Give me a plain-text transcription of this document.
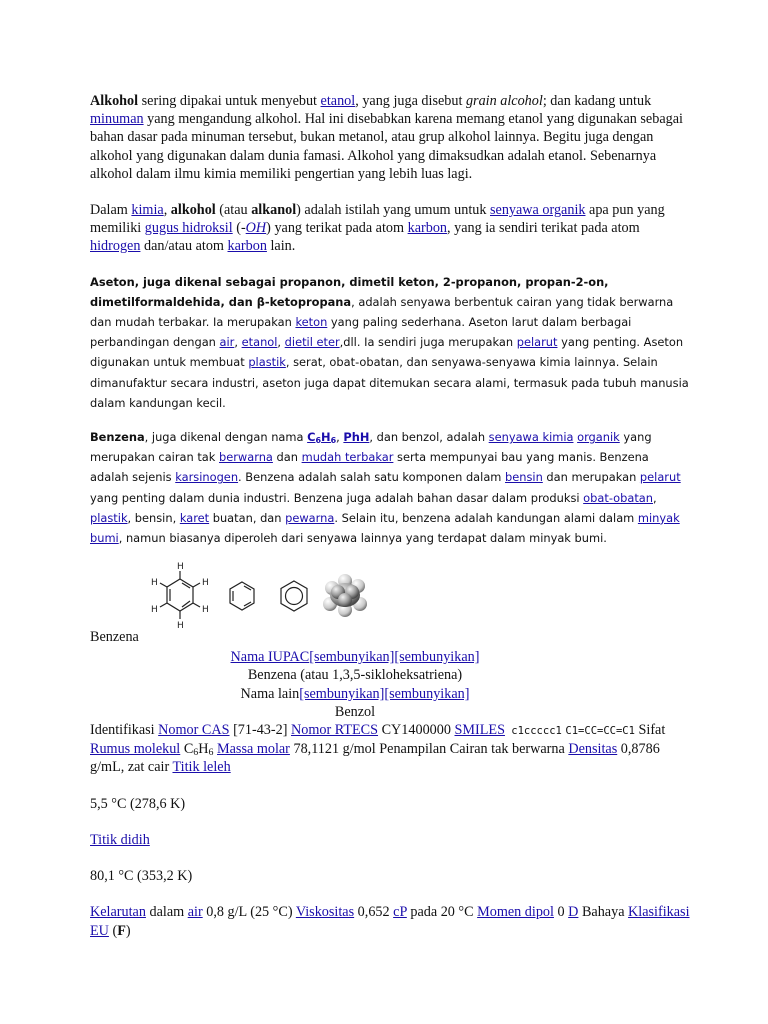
Alkohol sering dipakai untuk menyebut etanol, yang juga disebut grain alcohol; dan kadang untuk minuman yang mengandung alkohol. Hal ini disebabkan karena memang etanol yang digunakan sebagai bahan dasar pada minuman tersebut, bukan metanol, atau grup alkohol lainnya. Begitu juga dengan alkohol yang digunakan dalam dunia famasi. Alkohol yang dimaksudkan adalah etanol. Sebenarnya alkohol dalam ilmu kimia memiliki pengertian yang lebih luas lagi.

Dalam kimia, alkohol (atau alkanol) adalah istilah yang umum untuk senyawa organik apa pun yang memiliki gugus hidroksil (-OH) yang terikat pada atom karbon, yang ia sendiri terikat pada atom hidrogen dan/atau atom karbon lain.

Aseton, juga dikenal sebagai propanon, dimetil keton, 2-propanon, propan-2-on, dimetilformaldehida, dan β-ketopropana, adalah senyawa berbentuk cairan yang tidak berwarna dan mudah terbakar. Ia merupakan keton yang paling sederhana. Aseton larut dalam berbagai perbandingan dengan air, etanol, dietil eter,dll. Ia sendiri juga merupakan pelarut yang penting. Aseton digunakan untuk membuat plastik, serat, obat-obatan, dan senyawa-senyawa kimia lainnya. Selain dimanufaktur secara industri, aseton juga dapat ditemukan secara alami, termasuk pada tubuh manusia dalam kandungan kecil.

Benzena, juga dikenal dengan nama $C_6H_6$, PhH, dan benzol, adalah senyawa kimia organik yang merupakan cairan tak berwarna dan mudah terbakar serta mempunyai bau yang manis. Benzena adalah sejenis karsinogen. Benzena adalah salah satu komponen dalam bensin dan merupakan pelarut yang penting dalam dunia industri. Benzena juga adalah bahan dasar dalam produksi obat-obatan, plastik, bensin, karet buatan, dan pewarna. Selain itu, benzena adalah kandungan alami dalam minyak bumi, namun biasanya diperoleh dari senyawa lainnya yang terdapat dalam minyak bumi.

H
H
H
H
H
H
Benzena
Nama IUPAC[sembunyikan][sembunyikan]
Benzena (atau 1,3,5-sikloheksatriena)
Nama lain[sembunyikan][sembunyikan]
Benzol

Identifikasi Nomor CAS [71-43-2] Nomor RTECS CY1400000 SMILES c1ccccc1 C1=CC=CC=C1 Sifat Rumus molekul $C_6H_6$ Massa molar 78,1121 g/mol Penampilan Cairan tak berwarna Densitas 0,8786 g/mL, zat cair Titik leleh

5,5 °C (278,6 K)

Titik didih

80,1 °C (353,2 K)

Kelarutan dalam air 0,8 g/L (25 °C) Viskositas 0,652 cP pada 20 °C Momen dipol 0 D Bahaya Klasifikasi EU (F)
